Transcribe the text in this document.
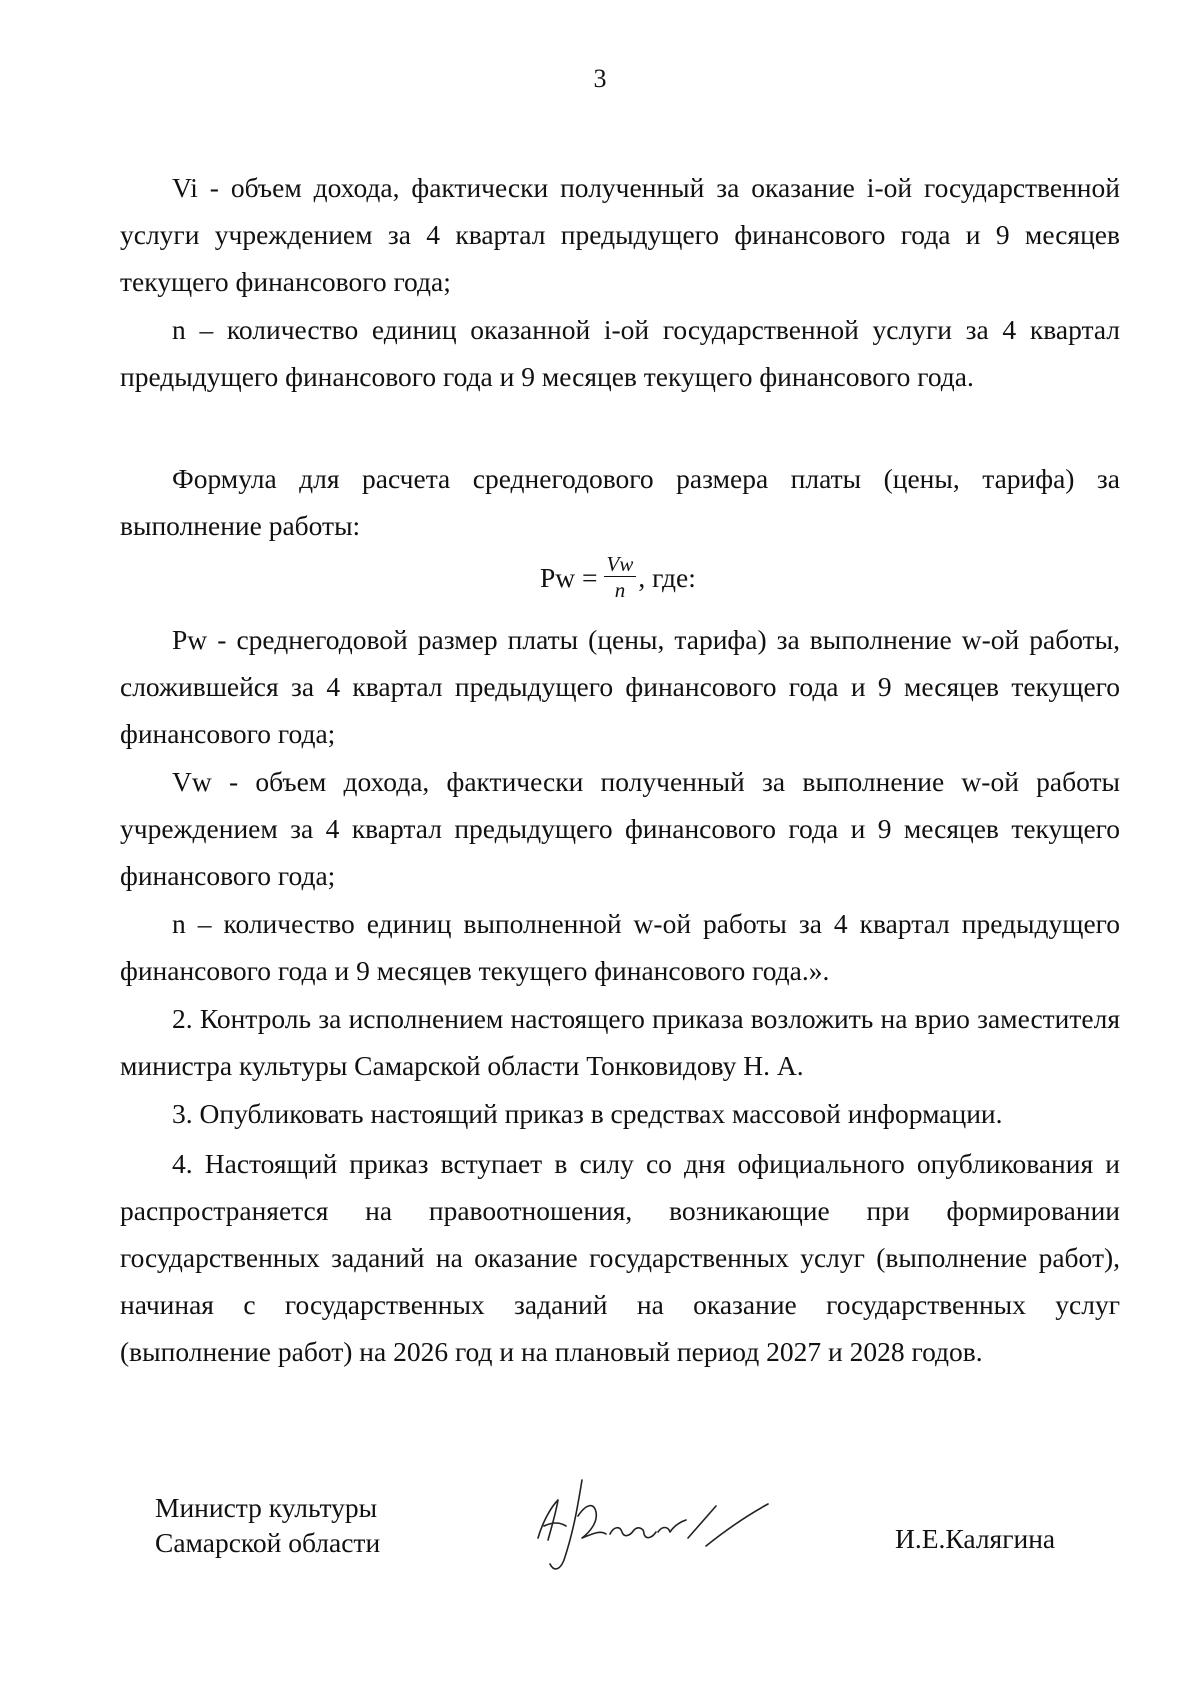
3

Vi - объем дохода, фактически полученный за оказание i-ой государственной услуги учреждением за 4 квартал предыдущего финансового года и 9 месяцев текущего финансового года;

n – количество единиц оказанной i-ой государственной услуги за 4 квартал предыдущего финансового года и 9 месяцев текущего финансового года.

Формула для расчета среднегодового размера платы (цены, тарифа) за выполнение работы:

$Pw = \frac{Vw}{n}$ , где:

Pw - среднегодовой размер платы (цены, тарифа) за выполнение w-ой работы, сложившейся за 4 квартал предыдущего финансового года и 9 месяцев текущего финансового года;

Vw - объем дохода, фактически полученный за выполнение w-ой работы учреждением за 4 квартал предыдущего финансового года и 9 месяцев текущего финансового года;

n – количество единиц выполненной w-ой работы за 4 квартал предыдущего финансового года и 9 месяцев текущего финансового года.».

2. Контроль за исполнением настоящего приказа возложить на врио заместителя министра культуры Самарской области Тонковидову Н. А.

3. Опубликовать настоящий приказ в средствах массовой информации.

4. Настоящий приказ вступает в силу со дня официального опубликования и распространяется на правоотношения, возникающие при формировании государственных заданий на оказание государственных услуг (выполнение работ), начиная с государственных заданий на оказание государственных услуг (выполнение работ) на 2026 год и на плановый период 2027 и 2028 годов.

Министр культуры
Самарской области	И.Е.Калягина
